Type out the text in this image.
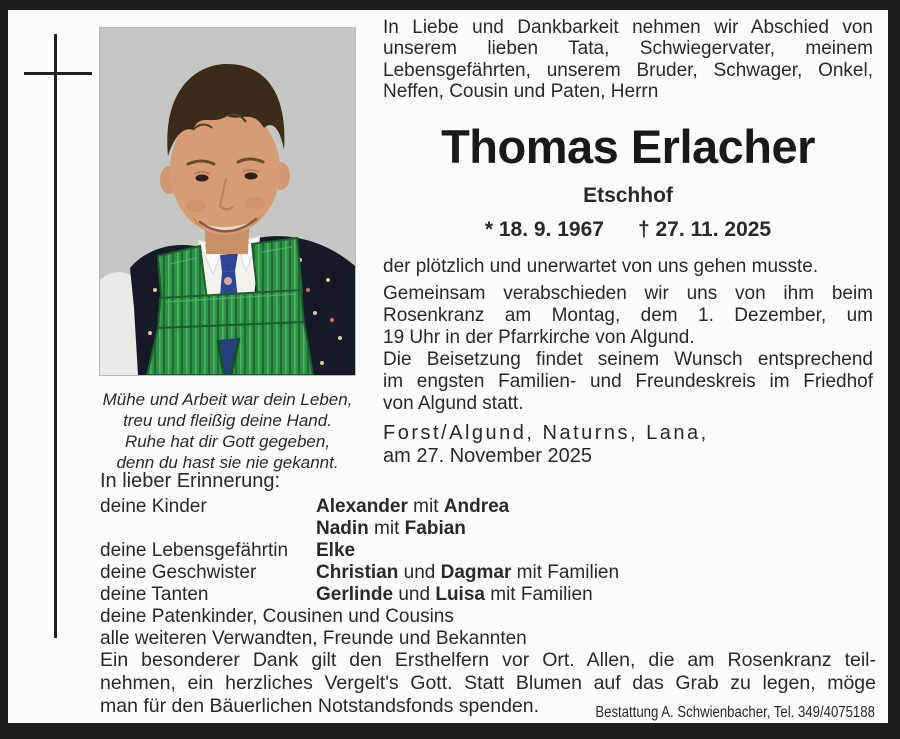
In Liebe und Dankbarkeit nehmen wir Abschied von
unserem lieben Tata, Schwiegervater, meinem
Lebensgefährten, unserem Bruder, Schwager, Onkel,
Neffen, Cousin und Paten, Herrn
Thomas Erlacher
Etschhof
* 18. 9. 1967 † 27. 11. 2025
der plötzlich und unerwartet von uns gehen musste.
Gemeinsam verabschieden wir uns von ihm beim
Rosenkranz am Montag, dem 1. Dezember, um
19 Uhr in der Pfarrkirche von Algund.
Die Beisetzung findet seinem Wunsch entsprechend
im engsten Familien- und Freundeskreis im Friedhof
von Algund statt.
Forst/Algund, Naturns, Lana,
am 27. November 2025
Mühe und Arbeit war dein Leben,
treu und fleißig deine Hand.
Ruhe hat dir Gott gegeben,
denn du hast sie nie gekannt.
In lieber Erinnerung:
deine Kinder	Alexander mit Andrea
Nadin mit Fabian
deine Lebensgefährtin	Elke
deine Geschwister	Christian und Dagmar mit Familien
deine Tanten	Gerlinde und Luisa mit Familien
deine Patenkinder, Cousinen und Cousins
alle weiteren Verwandten, Freunde und Bekannten
Ein besonderer Dank gilt den Ersthelfern vor Ort. Allen, die am Rosenkranz teil-
nehmen, ein herzliches Vergelt's Gott. Statt Blumen auf das Grab zu legen, möge
man für den Bäuerlichen Notstandsfonds spenden.	Bestattung A. Schwienbacher, Tel. 349/4075188
